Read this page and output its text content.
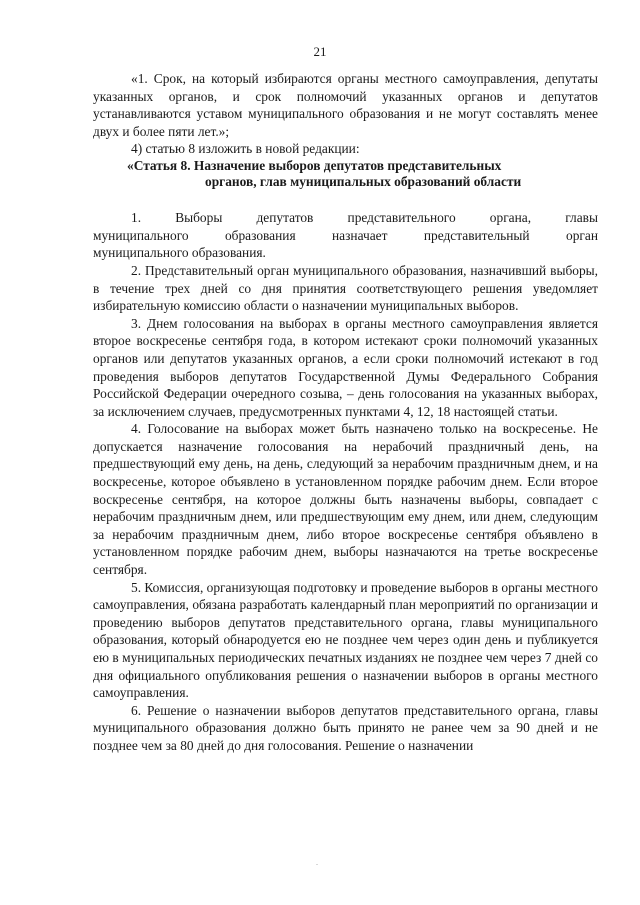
21

«1. Срок, на который избираются органы местного самоуправления, депутаты указанных органов, и срок полномочий указанных органов и депутатов устанавливаются уставом муниципального образования и не могут составлять менее двух и более пяти лет.»;

4) статью 8 изложить в новой редакции:

«Статья 8. Назначение выборов депутатов представительных
органов, глав муниципальных образований области

1. Выборы депутатов представительного органа, главы

муниципального образования назначает представительный орган

муниципального образования.

2. Представительный орган муниципального образования, назначивший выборы, в течение трех дней со дня принятия соответствующего решения уведомляет избирательную комиссию области о назначении муниципальных выборов.

3. Днем голосования на выборах в органы местного самоуправления является второе воскресенье сентября года, в котором истекают сроки полномочий указанных органов или депутатов указанных органов, а если сроки полномочий истекают в год проведения выборов депутатов Государственной Думы Федерального Собрания Российской Федерации очередного созыва, – день голосования на указанных выборах, за исключением случаев, предусмотренных пунктами 4, 12, 18 настоящей статьи.

4. Голосование на выборах может быть назначено только на воскресенье. Не допускается назначение голосования на нерабочий праздничный день, на предшествующий ему день, на день, следующий за нерабочим праздничным днем, и на воскресенье, которое объявлено в установленном порядке рабочим днем. Если второе воскресенье сентября, на которое должны быть назначены выборы, совпадает с нерабочим праздничным днем, или предшествующим ему днем, или днем, следующим за нерабочим праздничным днем, либо второе воскресенье сентября объявлено в установленном порядке рабочим днем, выборы назначаются на третье воскресенье сентября.

5. Комиссия, организующая подготовку и проведение выборов в органы местного самоуправления, обязана разработать календарный план мероприятий по организации и проведению выборов депутатов представительного органа, главы муниципального образования, который обнародуется ею не позднее чем через один день и публикуется ею в муниципальных периодических печатных изданиях не позднее чем через 7 дней со дня официального опубликования решения о назначении выборов в органы местного самоуправления.

6. Решение о назначении выборов депутатов представительного органа, главы муниципального образования должно быть принято не ранее чем за 90 дней и не позднее чем за 80 дней до дня голосования. Решение о назначении

.
